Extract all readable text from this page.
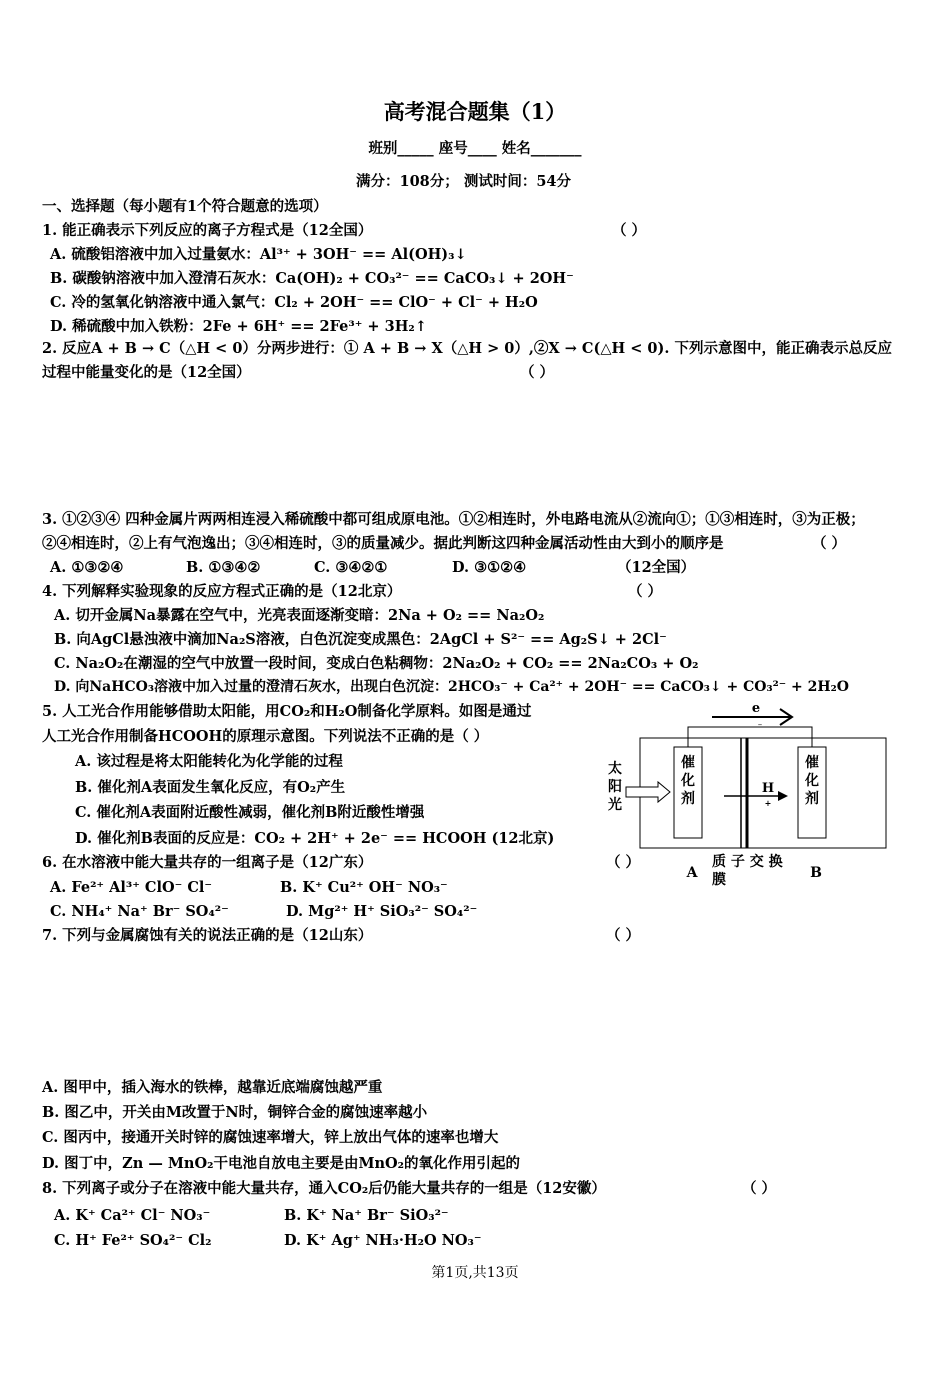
高考混合题集（1）
班别_____ 座号____ 姓名_______
满分：108分； 测试时间：54分
一、选择题（每小题有1个符合题意的选项）
1. 能正确表示下列反应的离子方程式是（12全国）	（ ）
A. 硫酸铝溶液中加入过量氨水：Al³⁺ + 3OH⁻ == Al(OH)₃↓
B. 碳酸钠溶液中加入澄清石灰水：Ca(OH)₂ + CO₃²⁻ == CaCO₃↓ + 2OH⁻
C. 冷的氢氧化钠溶液中通入氯气：Cl₂ + 2OH⁻ == ClO⁻ + Cl⁻ + H₂O
D. 稀硫酸中加入铁粉：2Fe + 6H⁺ == 2Fe³⁺ + 3H₂↑
2. 反应A + B → C（△H < 0）分两步进行：① A + B → X（△H > 0）,②X → C(△H < 0). 下列示意图中，能正确表示总反应
过程中能量变化的是（12全国）	（ ）
3. ①②③④ 四种金属片两两相连浸入稀硫酸中都可组成原电池。①②相连时，外电路电流从②流向①；①③相连时，③为正极；
②④相连时，②上有气泡逸出；③④相连时，③的质量减少。据此判断这四种金属活动性由大到小的顺序是	（ ）
A. ①③②④	B. ①③④②	C. ③④②①	D. ③①②④	（12全国）
4. 下列解释实验现象的反应方程式正确的是（12北京）	（ ）
A. 切开金属Na暴露在空气中，光亮表面逐渐变暗：2Na + O₂ == Na₂O₂
B. 向AgCl悬浊液中滴加Na₂S溶液，白色沉淀变成黑色：2AgCl + S²⁻ == Ag₂S↓ + 2Cl⁻
C. Na₂O₂在潮湿的空气中放置一段时间，变成白色粘稠物：2Na₂O₂ + CO₂ == 2Na₂CO₃ + O₂
D. 向NaHCO₃溶液中加入过量的澄清石灰水，出现白色沉淀：2HCO₃⁻ + Ca²⁺ + 2OH⁻ == CaCO₃↓ + CO₃²⁻ + 2H₂O
5. 人工光合作用能够借助太阳能，用CO₂和H₂O制备化学原料。如图是通过
人工光合作用制备HCOOH的原理示意图。下列说法不正确的是（ ）
A. 该过程是将太阳能转化为化学能的过程
B. 催化剂A表面发生氧化反应，有O₂产生
C. 催化剂A表面附近酸性减弱，催化剂B附近酸性增强
D. 催化剂B表面的反应是：CO₂ + 2H⁺ + 2e⁻ == HCOOH (12北京)
e
⁻
催
化
剂
催
化
剂
H
+
太
阳
光
A	B
质 子 交 换
膜
6. 在水溶液中能大量共存的一组离子是（12广东）	（ ）
A. Fe²⁺ Al³⁺ ClO⁻ Cl⁻	B. K⁺ Cu²⁺ OH⁻ NO₃⁻
C. NH₄⁺ Na⁺ Br⁻ SO₄²⁻	D. Mg²⁺ H⁺ SiO₃²⁻ SO₄²⁻
7. 下列与金属腐蚀有关的说法正确的是（12山东）	（ ）
A. 图甲中，插入海水的铁棒，越靠近底端腐蚀越严重
B. 图乙中，开关由M改置于N时，铜锌合金的腐蚀速率越小
C. 图丙中，接通开关时锌的腐蚀速率增大，锌上放出气体的速率也增大
D. 图丁中，Zn — MnO₂干电池自放电主要是由MnO₂的氧化作用引起的
8. 下列离子或分子在溶液中能大量共存，通入CO₂后仍能大量共存的一组是（12安徽）	（ ）
A. K⁺ Ca²⁺ Cl⁻ NO₃⁻	B. K⁺ Na⁺ Br⁻ SiO₃²⁻
C. H⁺ Fe²⁺ SO₄²⁻ Cl₂	D. K⁺ Ag⁺ NH₃·H₂O NO₃⁻
第1页,共13页
